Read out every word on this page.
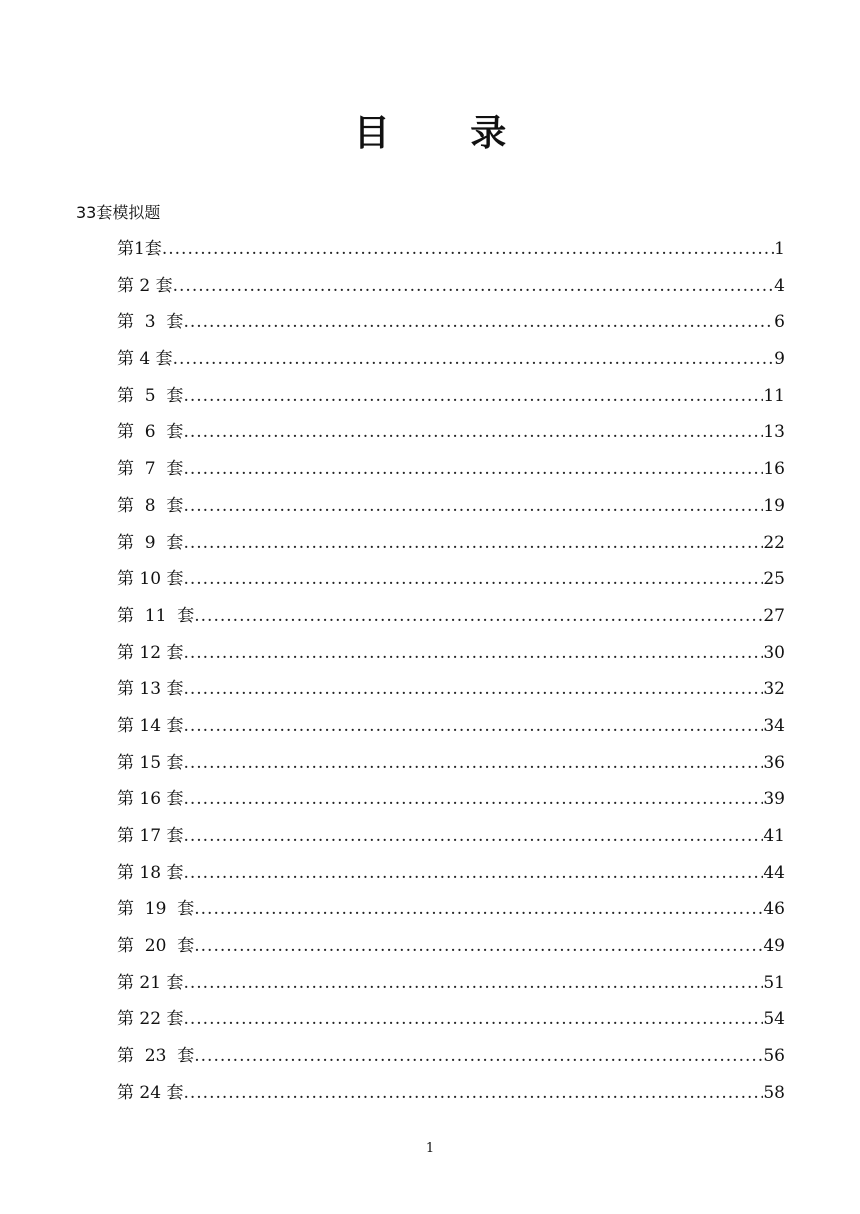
目 录
33套模拟题
第1套 .....	1
第 2 套 .....	4
第  3  套 .....	6
第 4 套 .....	9
第  5  套 .....	11
第  6  套 .....	13
第  7  套 .....	16
第  8  套 .....	19
第  9  套 .....	22
第 10 套 .....	25
第  11  套 .....	27
第 12 套 .....	30
第 13 套 .....	32
第 14 套 .....	34
第 15 套 .....	36
第 16 套 .....	39
第 17 套 .....	41
第 18 套 .....	44
第  19  套 .....	46
第  20  套 .....	49
第 21 套 .....	51
第 22 套 .....	54
第  23  套 .....	56
第 24 套 .....	58
1
